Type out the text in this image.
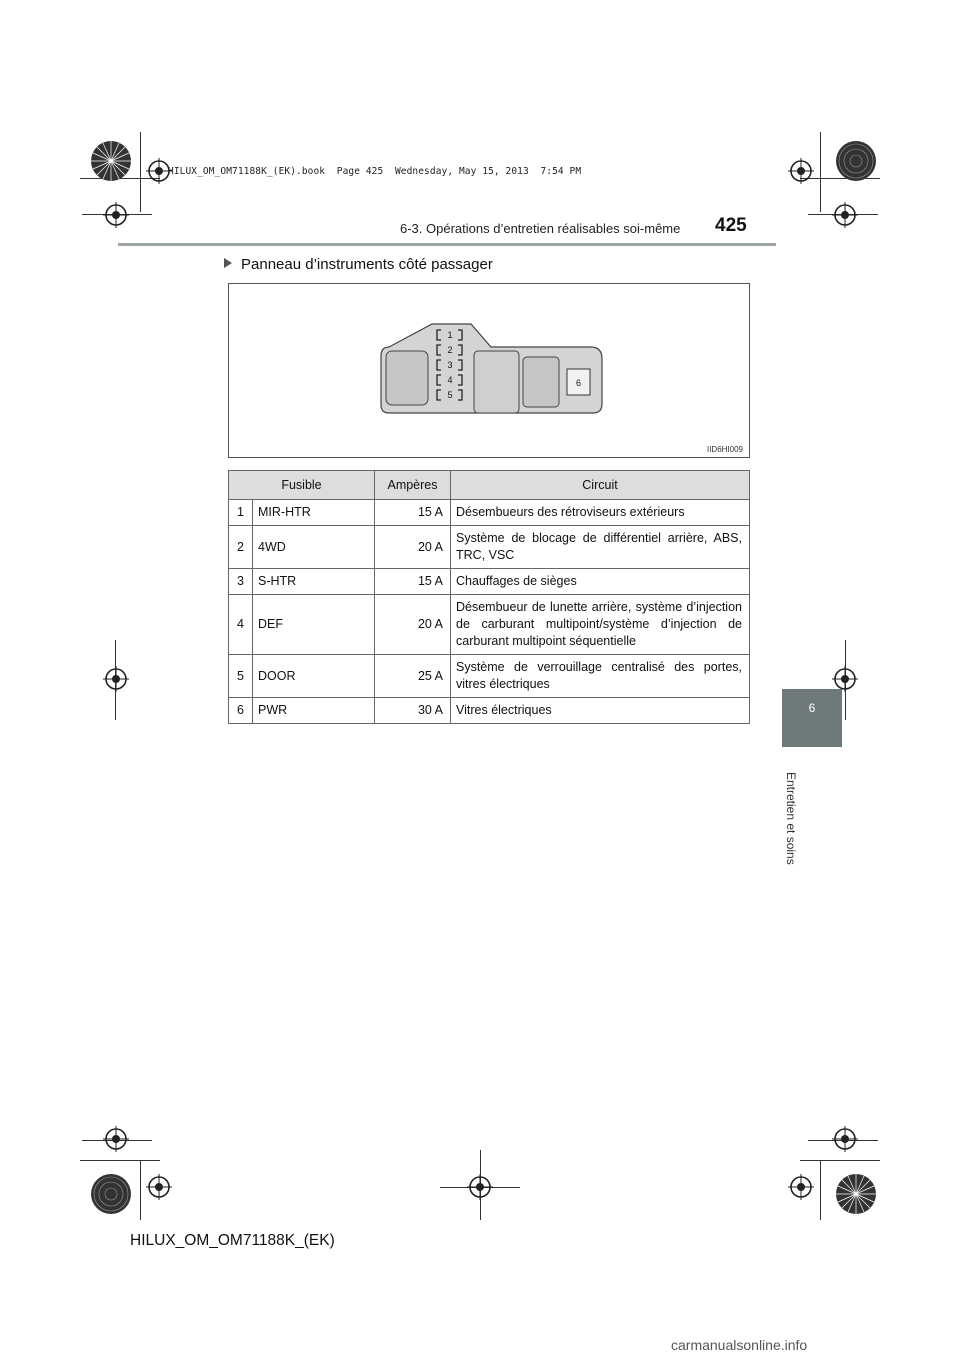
HILUX_OM_OM71188K_(EK).book  Page 425  Wednesday, May 15, 2013  7:54 PM
6-3. Opérations d’entretien réalisables soi-même 425
6
Entretien et soins
Panneau d’instruments côté passager
6
1
2
3
4
5
IID6HI009
Fusible		Ampères	Circuit
1	MIR-HTR	15 A	Désembueurs des rétroviseurs extérieurs
2	4WD	20 A	Système de blocage de différentiel arrière, ABS, TRC, VSC
3	S-HTR	15 A	Chauffages de sièges
4	DEF	20 A	Désembueur de lunette arrière, système d’injection de carburant multipoint/système d’injection de carburant multipoint séquentielle
5	DOOR	25 A	Système de verrouillage centralisé des portes, vitres électriques
6	PWR	30 A	Vitres électriques
HILUX_OM_OM71188K_(EK)
carmanualsonline.info
